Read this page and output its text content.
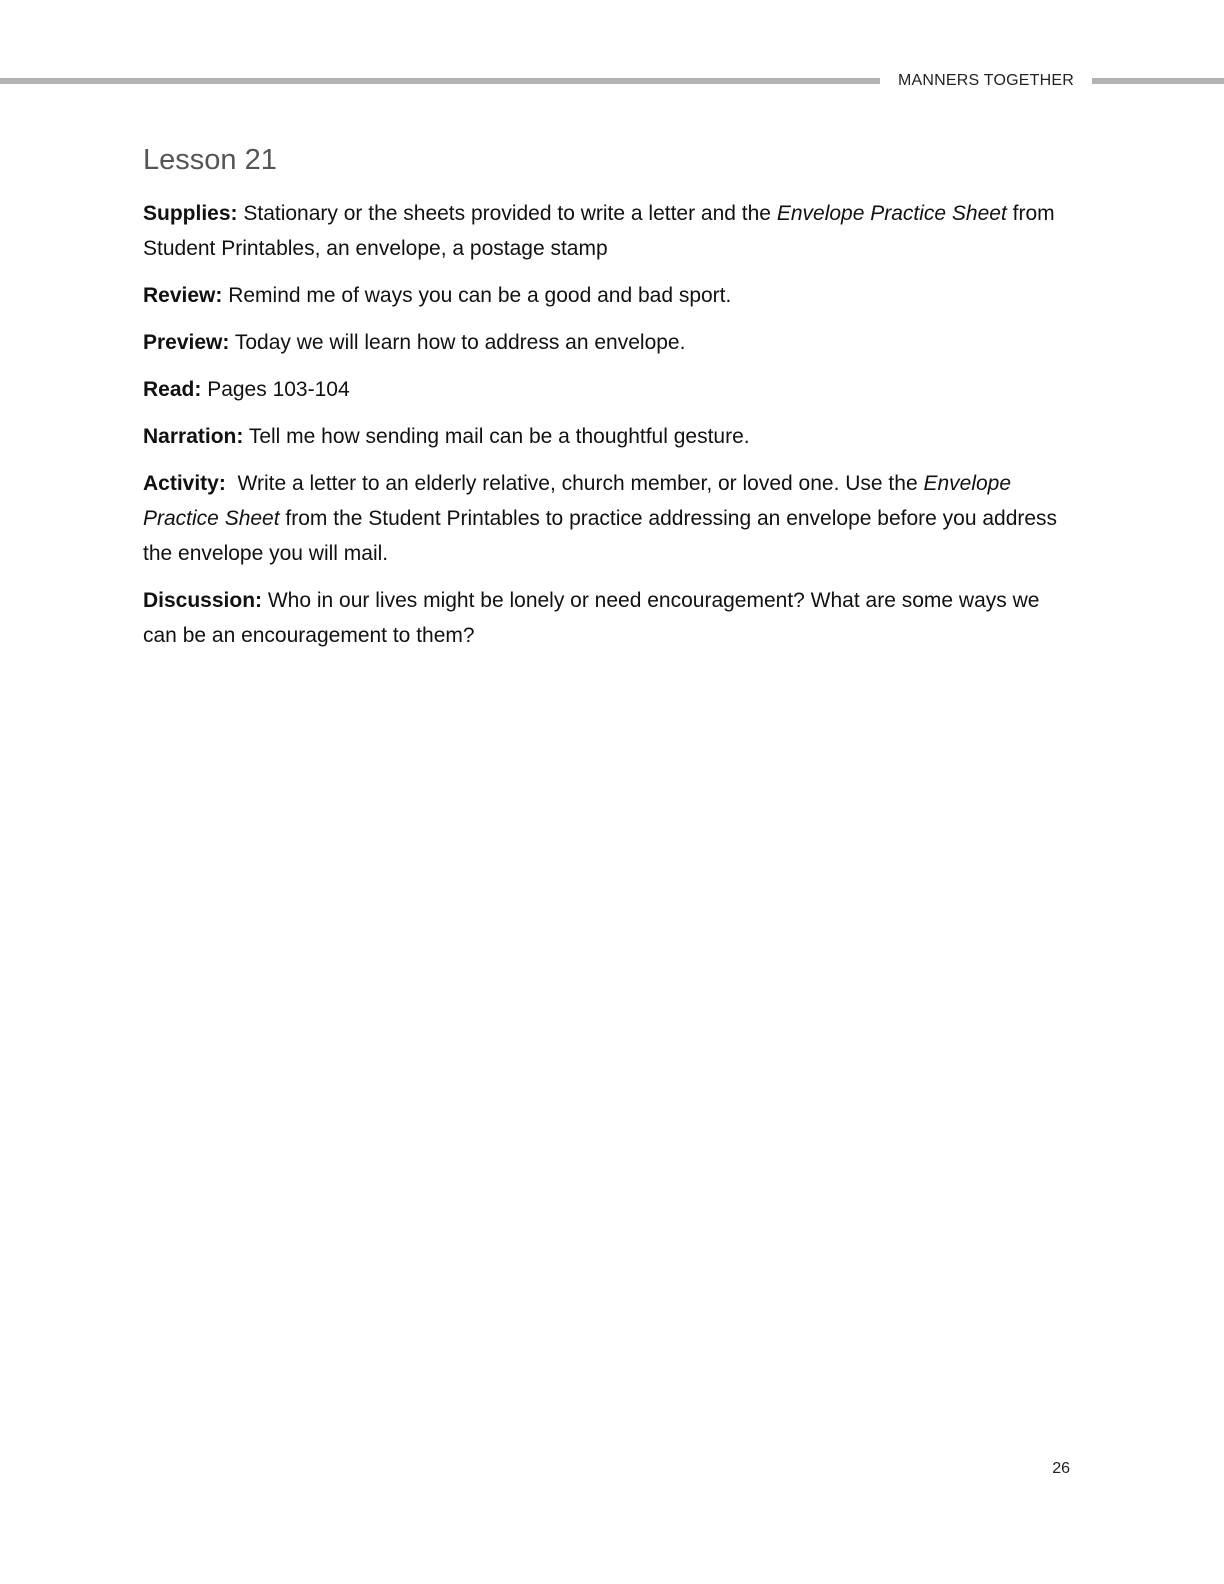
MANNERS TOGETHER
Lesson 21

Supplies: Stationary or the sheets provided to write a letter and the Envelope Practice Sheet from Student Printables, an envelope, a postage stamp

Review: Remind me of ways you can be a good and bad sport.

Preview: Today we will learn how to address an envelope.

Read: Pages 103-104

Narration: Tell me how sending mail can be a thoughtful gesture.

Activity:  Write a letter to an elderly relative, church member, or loved one. Use the Envelope Practice Sheet from the Student Printables to practice addressing an envelope before you address the envelope you will mail.

Discussion: Who in our lives might be lonely or need encouragement? What are some ways we can be an encouragement to them?

26
